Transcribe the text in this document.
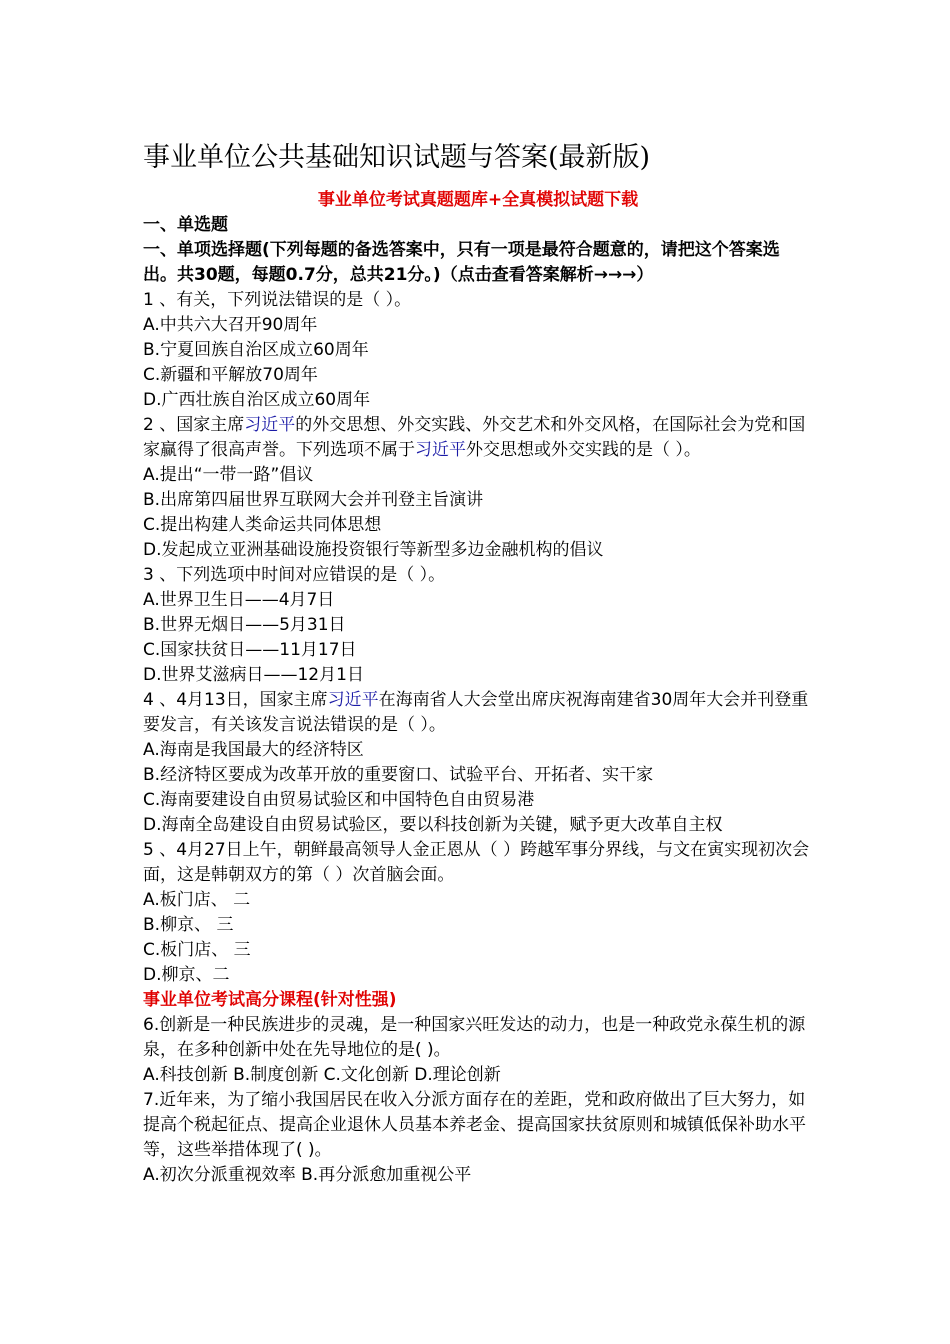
事业单位公共基础知识试题与答案(最新版)
事业单位考试真题题库+全真模拟试题下载
一、单选题
一、单项选择题(下列每题的备选答案中，只有一项是最符合题意的，请把这个答案选出。共30题，每题0.7分，总共21分。)（点击查看答案解析→→→）
1 、有关，下列说法错误的是（ ）。
A.中共六大召开90周年
B.宁夏回族自治区成立60周年
C.新疆和平解放70周年
D.广西壮族自治区成立60周年
2 、国家主席习近平的外交思想、外交实践、外交艺术和外交风格，在国际社会为党和国家赢得了很高声誉。下列选项不属于习近平外交思想或外交实践的是（ ）。
A.提出“一带一路”倡议
B.出席第四届世界互联网大会并刊登主旨演讲
C.提出构建人类命运共同体思想
D.发起成立亚洲基础设施投资银行等新型多边金融机构的倡议
3 、下列选项中时间对应错误的是（ ）。
A.世界卫生日——4月7日
B.世界无烟日——5月31日
C.国家扶贫日——11月17日
D.世界艾滋病日——12月1日
4 、4月13日，国家主席习近平在海南省人大会堂出席庆祝海南建省30周年大会并刊登重要发言，有关该发言说法错误的是（ ）。
A.海南是我国最大的经济特区
B.经济特区要成为改革开放的重要窗口、试验平台、开拓者、实干家
C.海南要建设自由贸易试验区和中国特色自由贸易港
D.海南全岛建设自由贸易试验区，要以科技创新为关键，赋予更大改革自主权
5 、4月27日上午，朝鲜最高领导人金正恩从（ ）跨越军事分界线，与文在寅实现初次会面，这是韩朝双方的第（ ）次首脑会面。
A.板门店、 二
B.柳京、 三
C.板门店、 三
D.柳京、二
事业单位考试高分课程(针对性强)
6.创新是一种民族进步的灵魂，是一种国家兴旺发达的动力，也是一种政党永葆生机的源泉，在多种创新中处在先导地位的是( )。
A.科技创新 B.制度创新 C.文化创新 D.理论创新
7.近年来，为了缩小我国居民在收入分派方面存在的差距，党和政府做出了巨大努力，如提高个税起征点、提高企业退休人员基本养老金、提高国家扶贫原则和城镇低保补助水平等，这些举措体现了( )。
A.初次分派重视效率 B.再分派愈加重视公平
